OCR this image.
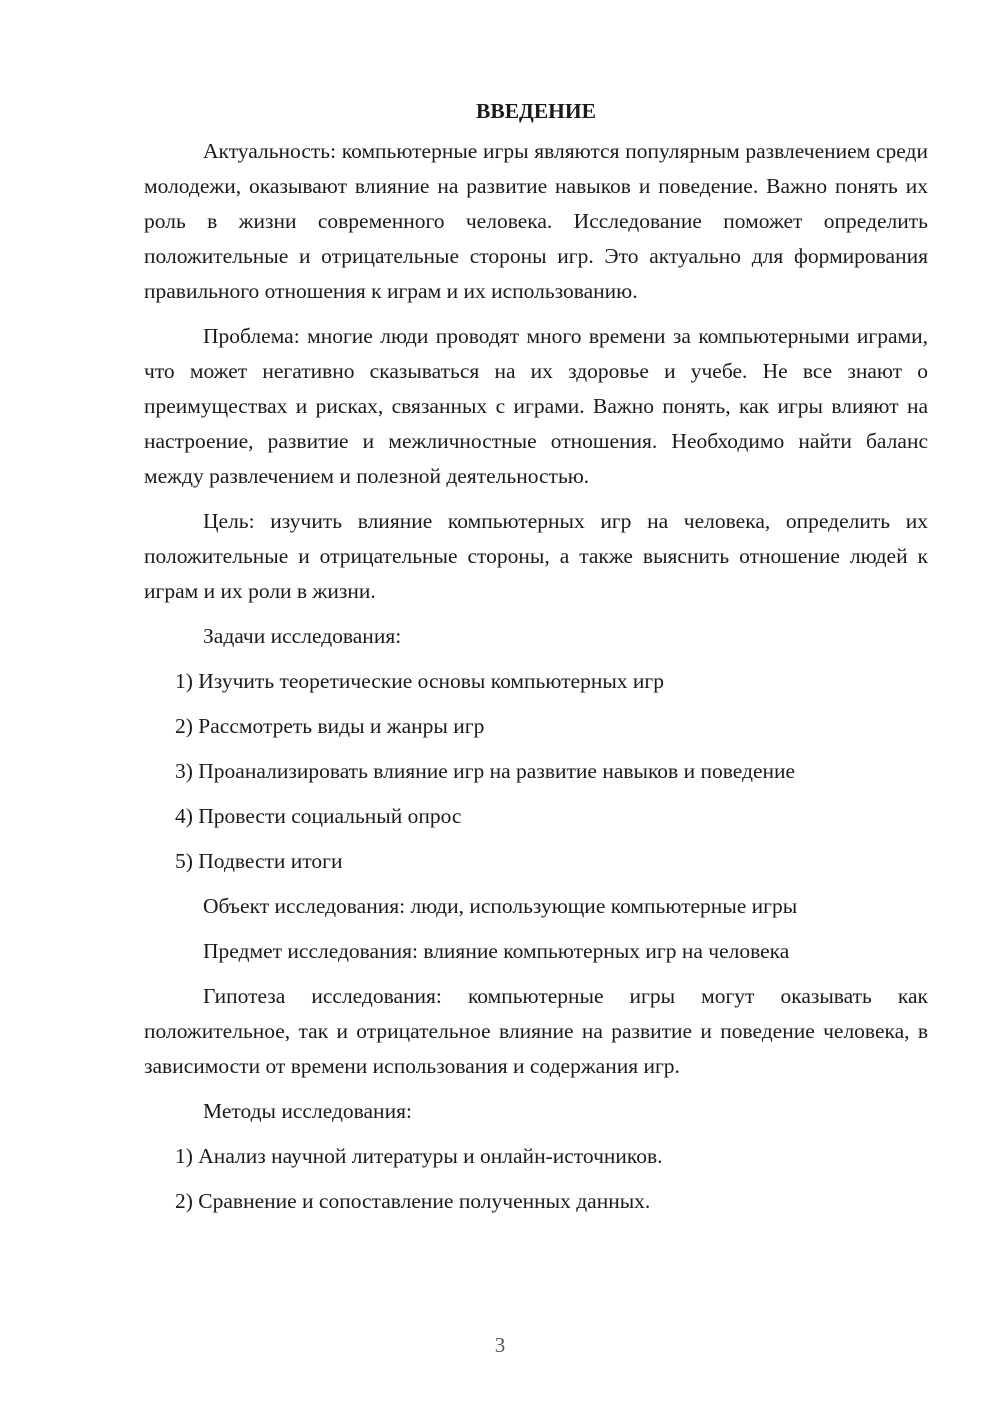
ВВЕДЕНИЕ

Актуальность: компьютерные игры являются популярным развлечением среди молодежи, оказывают влияние на развитие навыков и поведение. Важно понять их роль в жизни современного человека. Исследование поможет определить положительные и отрицательные стороны игр. Это актуально для формирования правильного отношения к играм и их использованию.

Проблема: многие люди проводят много времени за компьютерными играми, что может негативно сказываться на их здоровье и учебе. Не все знают о преимуществах и рисках, связанных с играми. Важно понять, как игры влияют на настроение, развитие и межличностные отношения. Необходимо найти баланс между развлечением и полезной деятельностью.

Цель: изучить влияние компьютерных игр на человека, определить их положительные и отрицательные стороны, а также выяснить отношение людей к играм и их роли в жизни.

Задачи исследования:

1) Изучить теоретические основы компьютерных игр

2) Рассмотреть виды и жанры игр

3) Проанализировать влияние игр на развитие навыков и поведение

4) Провести социальный опрос

5) Подвести итоги

Объект исследования: люди, использующие компьютерные игры

Предмет исследования: влияние компьютерных игр на человека

Гипотеза исследования: компьютерные игры могут оказывать как положительное, так и отрицательное влияние на развитие и поведение человека, в зависимости от времени использования и содержания игр.

Методы исследования:

1) Анализ научной литературы и онлайн-источников.

2) Сравнение и сопоставление полученных данных.

3
